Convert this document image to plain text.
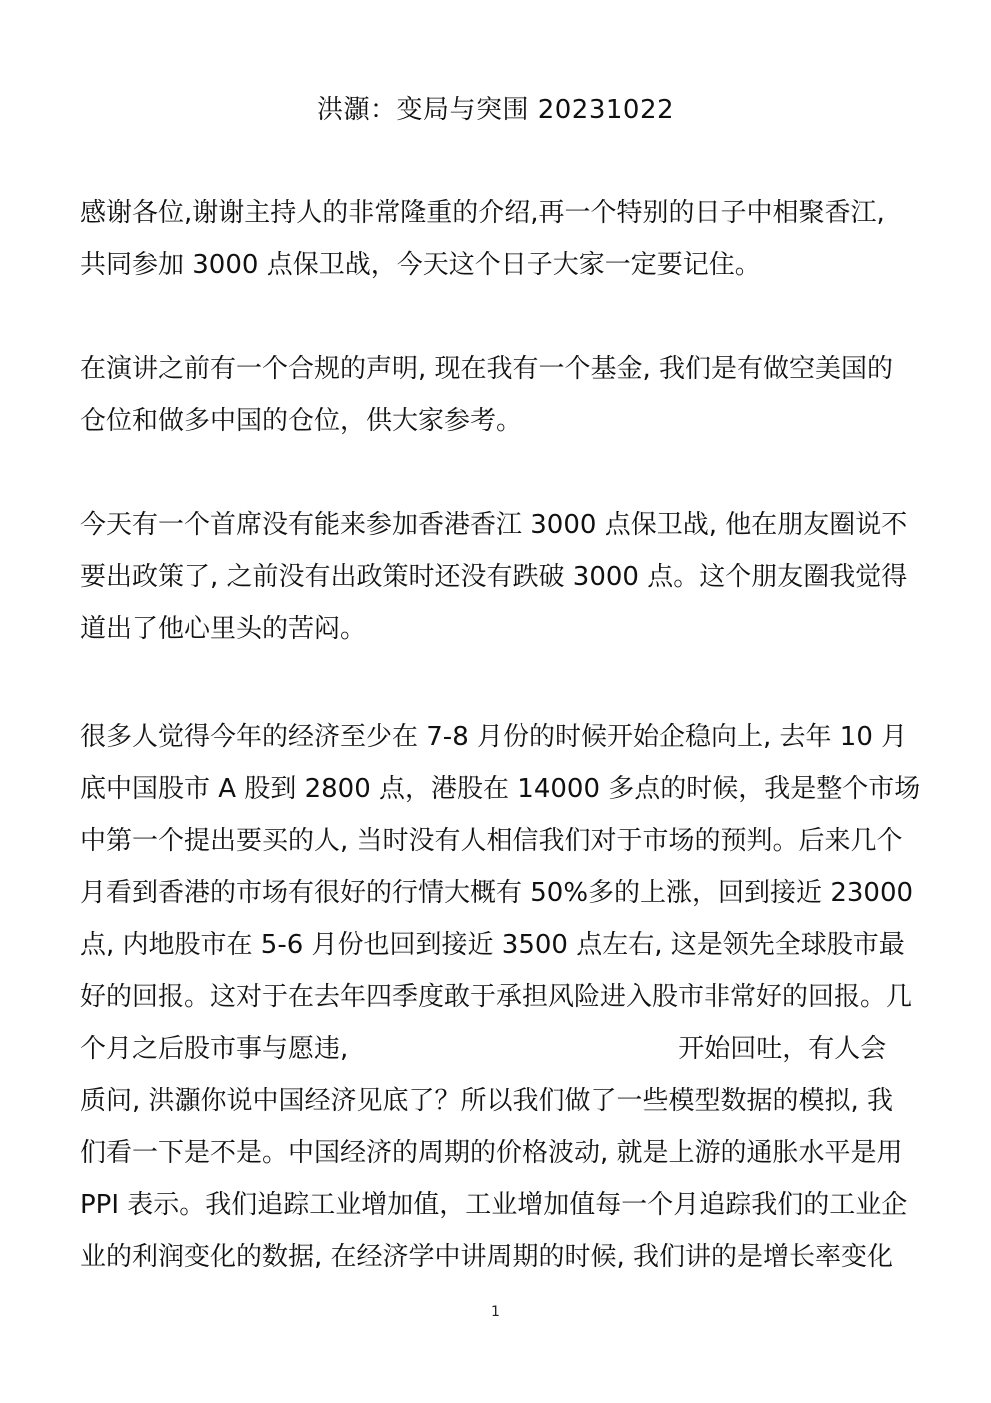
洪灝：变局与突围 20231022

感谢各位,谢谢主持人的非常隆重的介绍,再一个特别的日子中相聚香江,
共同参加 3000 点保卫战，今天这个日子大家一定要记住。

在演讲之前有一个合规的声明, 现在我有一个基金, 我们是有做空美国的
仓位和做多中国的仓位，供大家参考。

今天有一个首席没有能来参加香港香江 3000 点保卫战, 他在朋友圈说不
要出政策了, 之前没有出政策时还没有跌破 3000 点。这个朋友圈我觉得
道出了他心里头的苦闷。

很多人觉得今年的经济至少在 7-8 月份的时候开始企稳向上, 去年 10 月
底中国股市 A 股到 2800 点，港股在 14000 多点的时候，我是整个市场
中第一个提出要买的人, 当时没有人相信我们对于市场的预判。后来几个
月看到香港的市场有很好的行情大概有 50%多的上涨，回到接近 23000
点, 内地股市在 5-6 月份也回到接近 3500 点左右, 这是领先全球股市最
好的回报。这对于在去年四季度敢于承担风险进入股市非常好的回报。几
个月之后股市事与愿违,	开始回吐，有人会
质问, 洪灝你说中国经济见底了？所以我们做了一些模型数据的模拟, 我
们看一下是不是。中国经济的周期的价格波动, 就是上游的通胀水平是用
PPI 表示。我们追踪工业增加值，工业增加值每一个月追踪我们的工业企
业的利润变化的数据, 在经济学中讲周期的时候, 我们讲的是增长率变化

1
